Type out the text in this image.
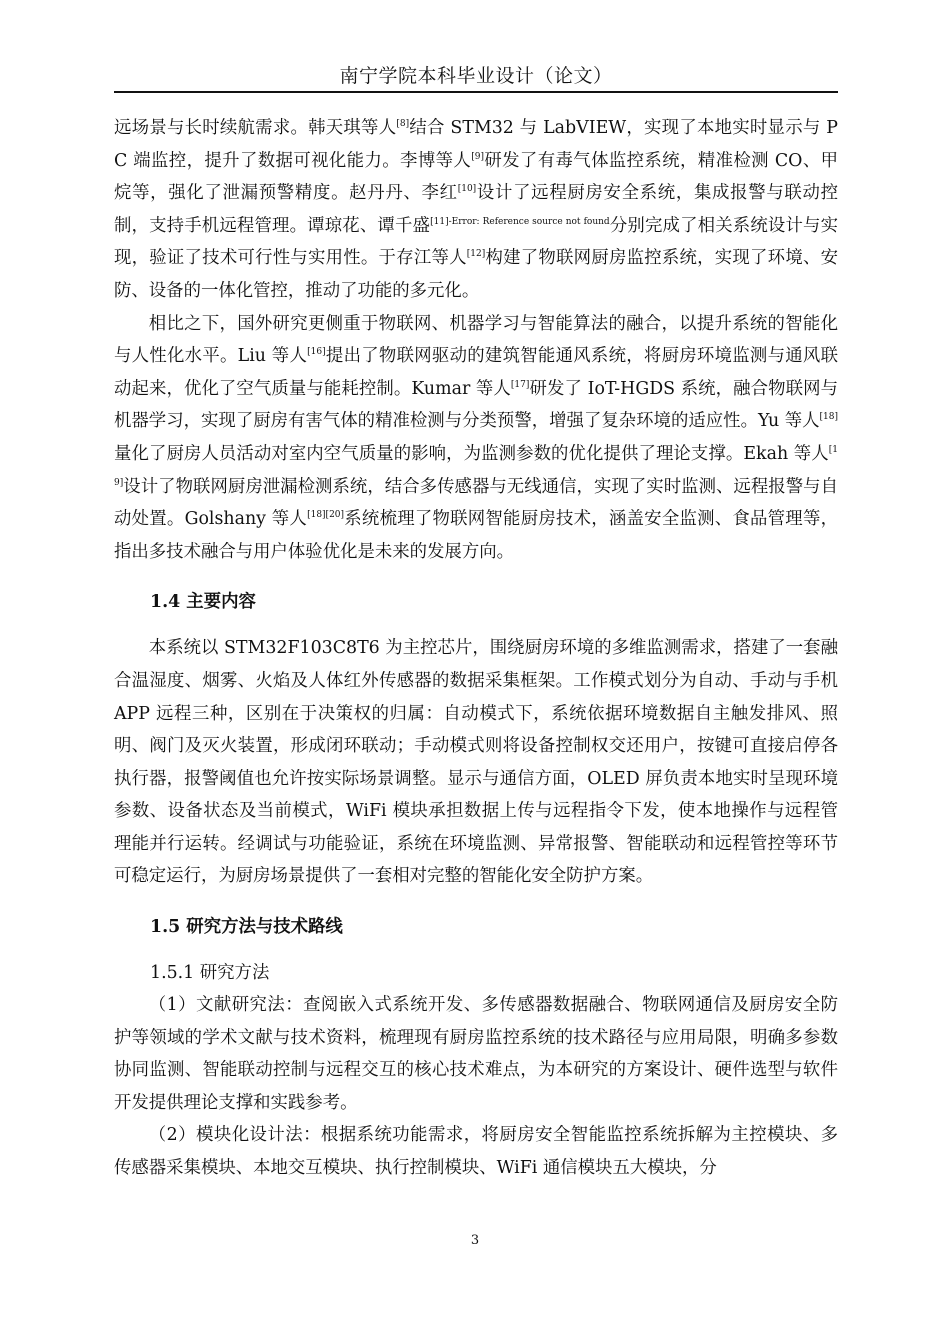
南宁学院本科毕业设计（论文）

远场景与长时续航需求。韩天琪等人[8]结合 STM32 与 LabVIEW，实现了本地实时显示与 PC 端监控，提升了数据可视化能力。李博等人[9]研发了有毒气体监控系统，精准检测 CO、甲烷等，强化了泄漏预警精度。赵丹丹、李红[10]设计了远程厨房安全系统，集成报警与联动控制，支持手机远程管理。谭琼花、谭千盛$^{[11]-Error: Reference source not found}$分别完成了相关系统设计与实现，验证了技术可行性与实用性。于存江等人[12]构建了物联网厨房监控系统，实现了环境、安防、设备的一体化管控，推动了功能的多元化。

相比之下，国外研究更侧重于物联网、机器学习与智能算法的融合，以提升系统的智能化与人性化水平。Liu 等人[16]提出了物联网驱动的建筑智能通风系统，将厨房环境监测与通风联动起来，优化了空气质量与能耗控制。Kumar 等人[17]研发了 IoT-HGDS 系统，融合物联网与机器学习，实现了厨房有害气体的精准检测与分类预警，增强了复杂环境的适应性。Yu 等人[18]量化了厨房人员活动对室内空气质量的影响，为监测参数的优化提供了理论支撑。Ekah 等人[19]设计了物联网厨房泄漏检测系统，结合多传感器与无线通信，实现了实时监测、远程报警与自动处置。Golshany 等人[18][20]系统梳理了物联网智能厨房技术，涵盖安全监测、食品管理等，指出多技术融合与用户体验优化是未来的发展方向。

1.4 主要内容

本系统以 STM32F103C8T6 为主控芯片，围绕厨房环境的多维监测需求，搭建了一套融合温湿度、烟雾、火焰及人体红外传感器的数据采集框架。工作模式划分为自动、手动与手机 APP 远程三种，区别在于决策权的归属：自动模式下，系统依据环境数据自主触发排风、照明、阀门及灭火装置，形成闭环联动；手动模式则将设备控制权交还用户，按键可直接启停各执行器，报警阈值也允许按实际场景调整。显示与通信方面，OLED 屏负责本地实时呈现环境参数、设备状态及当前模式，WiFi 模块承担数据上传与远程指令下发，使本地操作与远程管理能并行运转。经调试与功能验证，系统在环境监测、异常报警、智能联动和远程管控等环节可稳定运行，为厨房场景提供了一套相对完整的智能化安全防护方案。

1.5 研究方法与技术路线
1.5.1 研究方法

（1）文献研究法：查阅嵌入式系统开发、多传感器数据融合、物联网通信及厨房安全防护等领域的学术文献与技术资料，梳理现有厨房监控系统的技术路径与应用局限，明确多参数协同监测、智能联动控制与远程交互的核心技术难点，为本研究的方案设计、硬件选型与软件开发提供理论支撑和实践参考。

（2）模块化设计法：根据系统功能需求，将厨房安全智能监控系统拆解为主控模块、多传感器采集模块、本地交互模块、执行控制模块、WiFi 通信模块五大模块，分

3
